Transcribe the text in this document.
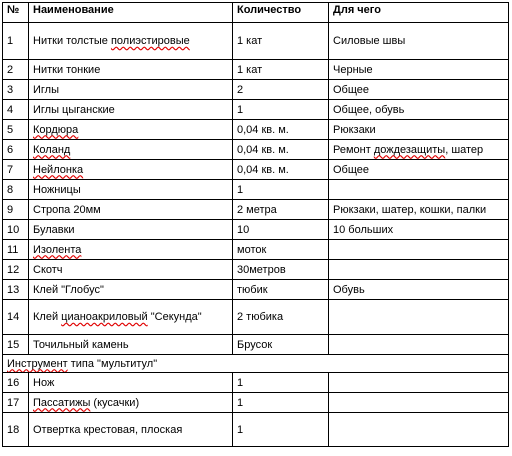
№	Наименование	Количество	Для чего
1	Нитки толстые полиэстировые	1 кат	Силовые швы
2	Нитки тонкие	1 кат	Черные
3	Иглы	2	Общее
4	Иглы цыганские	1	Общее, обувь
5	Кордюра	0,04 кв. м.	Рюкзаки
6	Коланд	0,04 кв. м.	Ремонт дождезащиты, шатер
7	Нейлонка	0,04 кв. м.	Общее
8	Ножницы	1	
9	Стропа 20мм	2 метра	Рюкзаки, шатер, кошки, палки
10	Булавки	10	10 больших
11	Изолента	моток	
12	Скотч	30метров	
13	Клей "Глобус"	тюбик	Обувь
14	Клей цианоакриловый "Секунда"	2 тюбика	
15	Точильный камень	Брусок	
Инструмент типа "мультитул"			
16	Нож	1	
17	Пассатижы (кусачки)	1	
18	Отвертка крестовая, плоская	1	
